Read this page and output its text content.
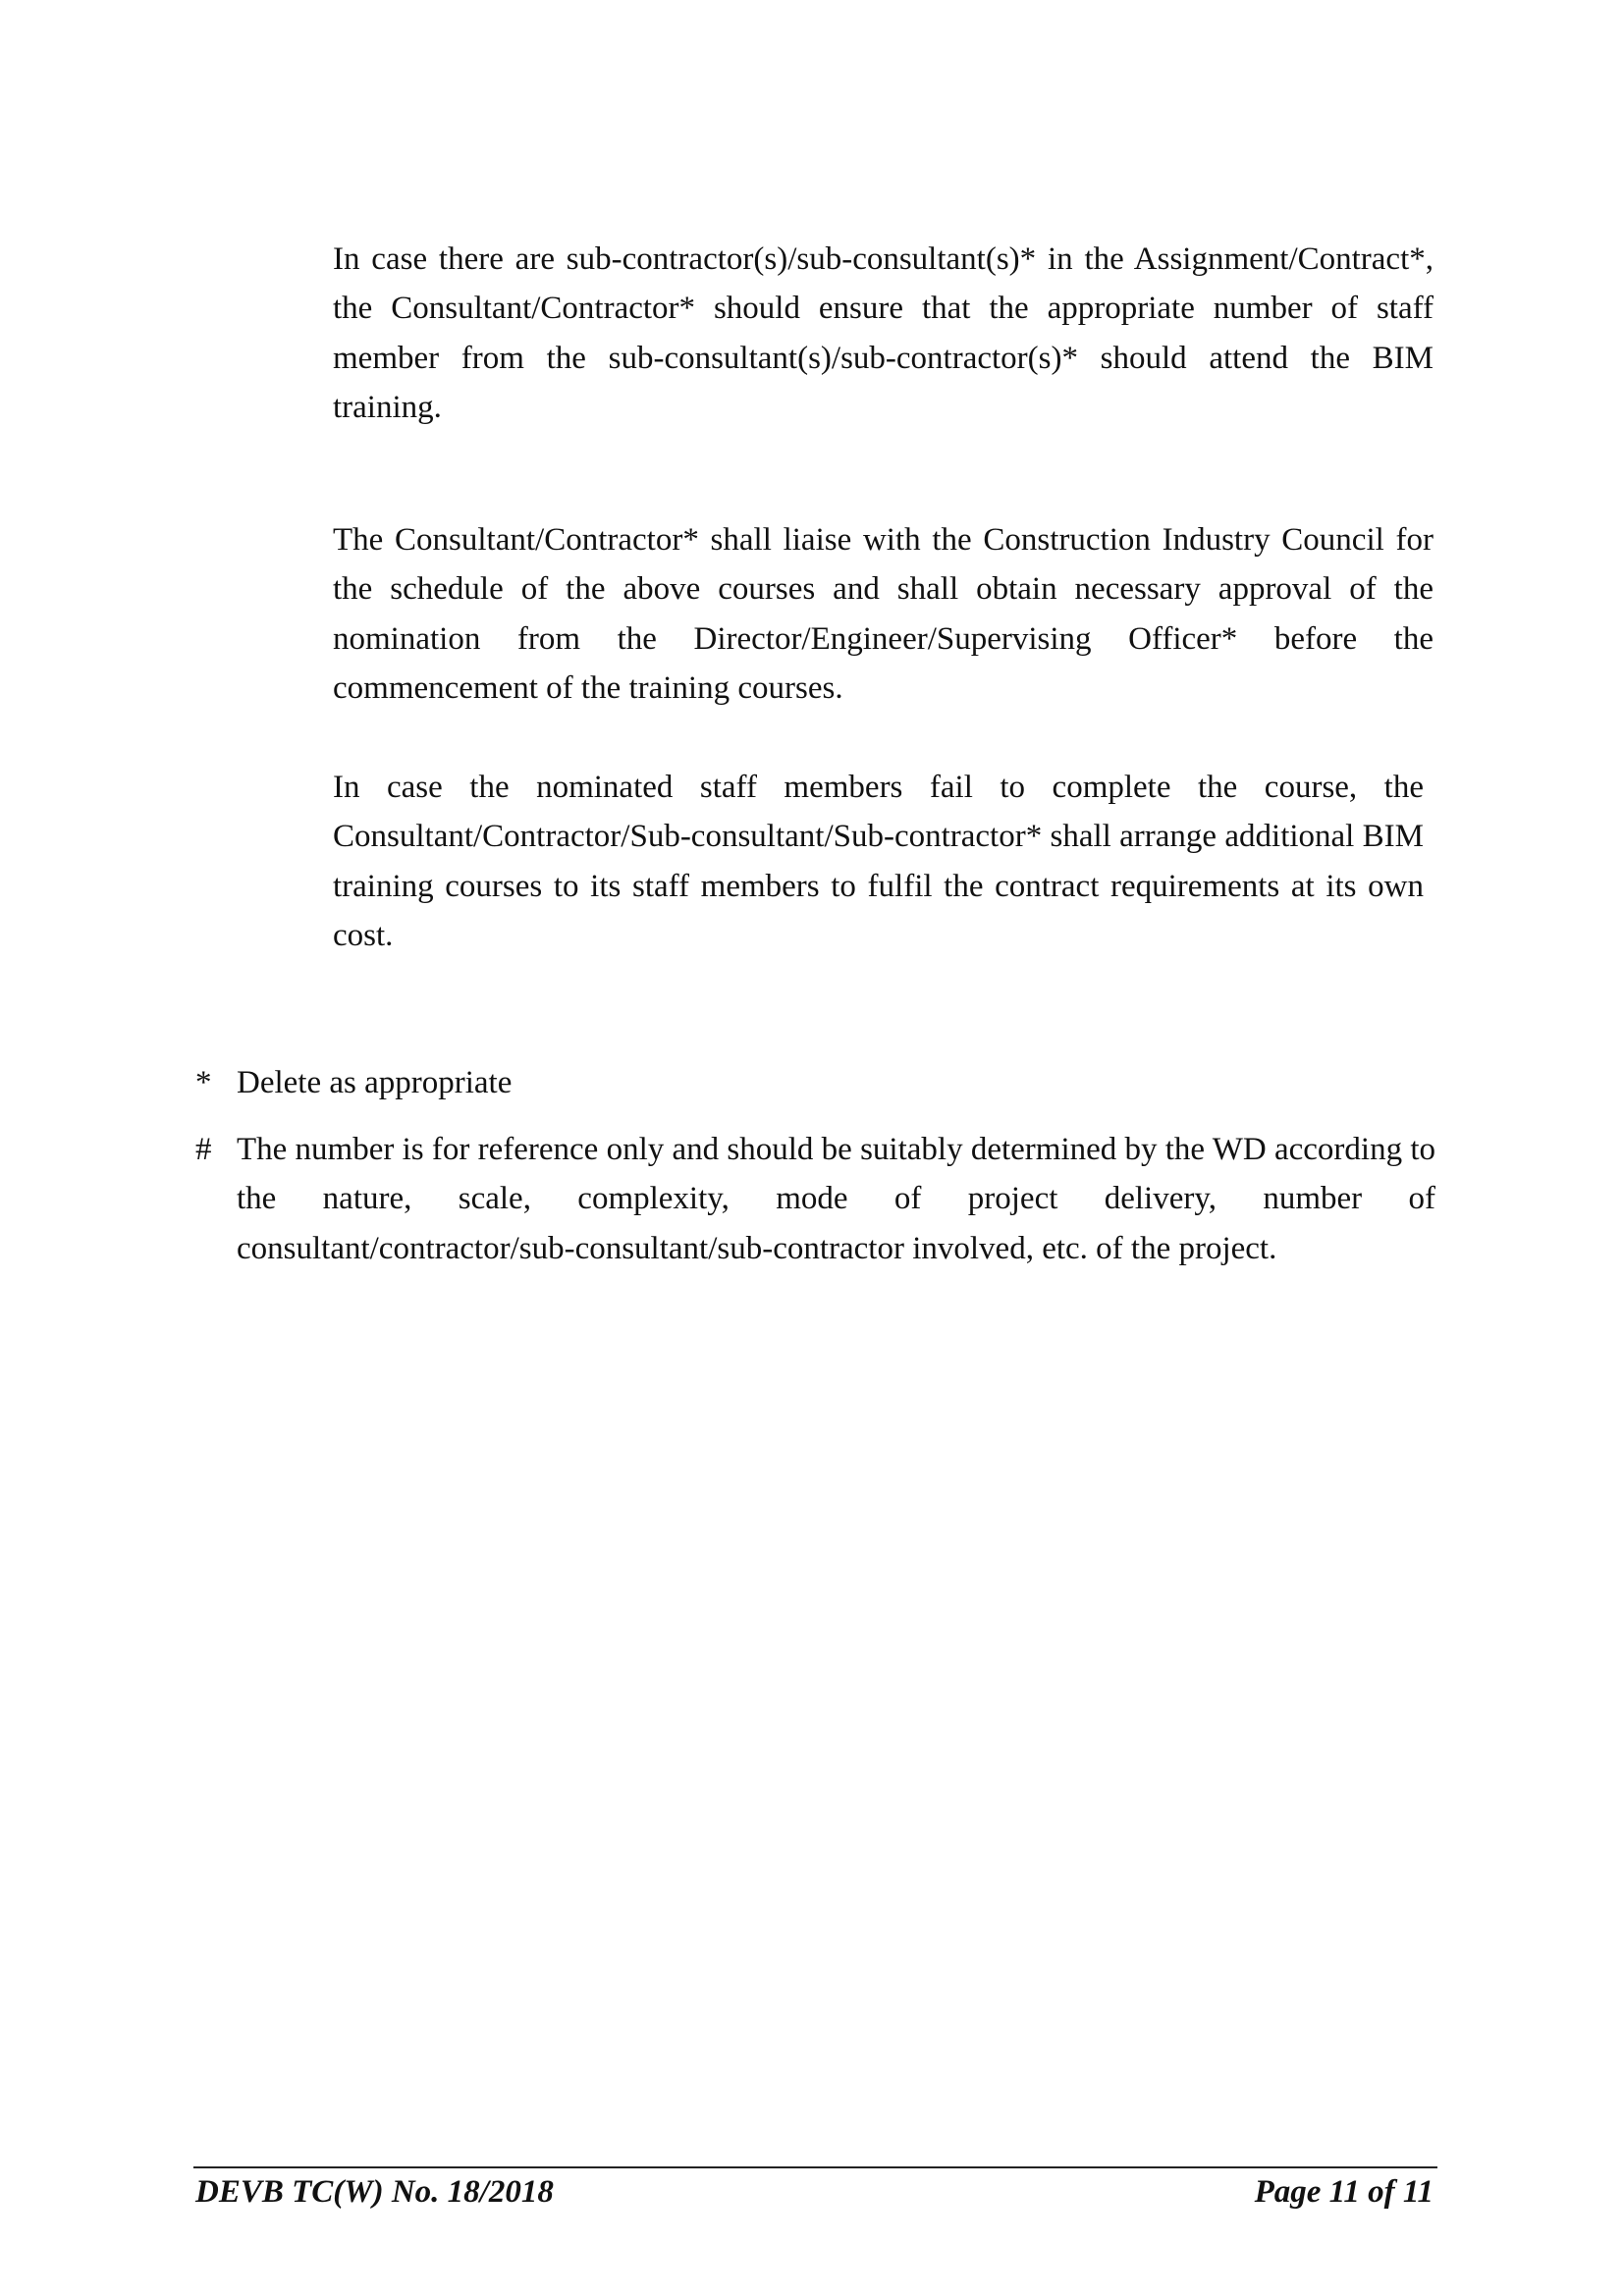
In case there are sub-contractor(s)/sub-consultant(s)* in the Assignment/Contract*, the Consultant/Contractor* should ensure that the appropriate number of staff member from the sub-consultant(s)/sub-contractor(s)* should attend the BIM training.

The Consultant/Contractor* shall liaise with the Construction Industry Council for the schedule of the above courses and shall obtain necessary approval of the nomination from the Director/Engineer/Supervising Officer* before the commencement of the training courses.

In case the nominated staff members fail to complete the course, the Consultant/Contractor/Sub-consultant/Sub-contractor* shall arrange additional BIM training courses to its staff members to fulfil the contract requirements at its own cost.

* Delete as appropriate
# The number is for reference only and should be suitably determined by the WD according to the nature, scale, complexity, mode of project delivery, number of consultant/contractor/sub-consultant/sub-contractor involved, etc. of the project.
DEVB TC(W) No. 18/2018	Page 11 of 11
